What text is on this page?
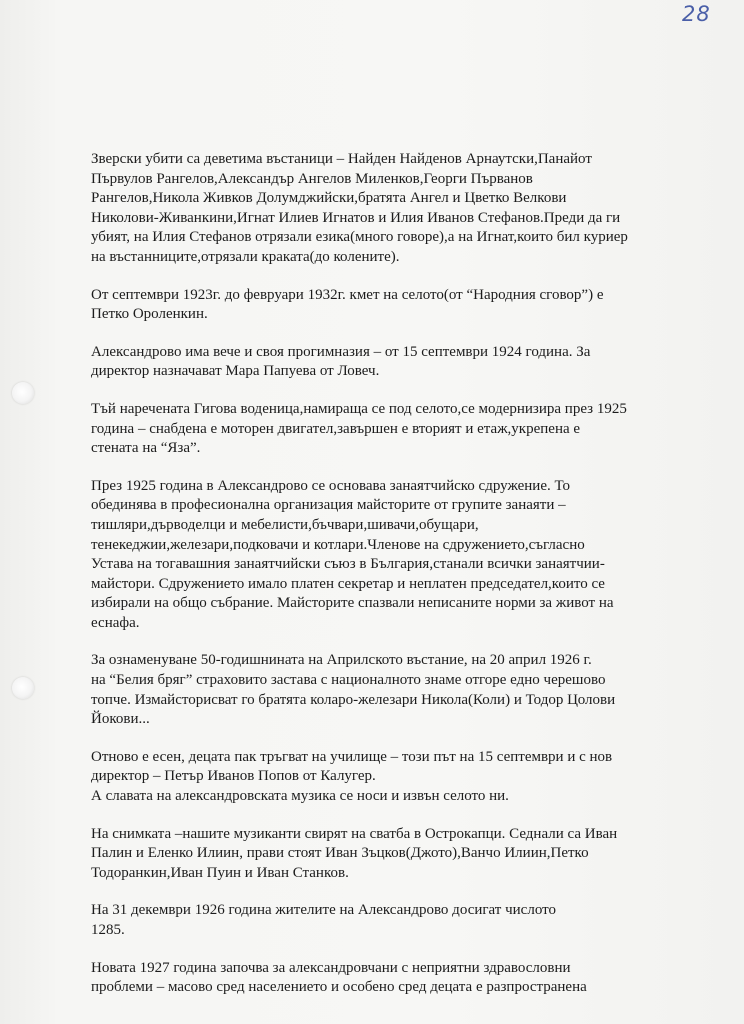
28

Зверски убити са деветима въстаници – Найден Найденов Арнаутски,Панайот
Първулов Рангелов,Александър Ангелов Миленков,Георги Първанов
Рангелов,Никола Живков Долумджийски,братята Ангел и Цветко Велкови
Николови-Живанкини,Игнат Илиев Игнатов и Илия Иванов Стефанов.Преди да ги
убият, на Илия Стефанов отрязали езика(много говоре),а на Игнат,които бил куриер
на въстанниците,отрязали краката(до колените).

От септември 1923г. до февруари 1932г. кмет на селото(от “Народния сговор”) е
Петко Ороленкин.

Александрово има вече и своя прогимназия – от 15 септември 1924 година. За
директор назначават Мара Папуева от Ловеч.

Тъй наречената Гигова воденица,намираща се под селото,се модернизира през 1925
година – снабдена е моторен двигател,завършен е вторият и етаж,укрепена е
стената на “Яза”.

През 1925 година в Александрово се основава занаятчийско сдружение. То
обединява в професионална организация майсторите от групите занаяти –
тишляри,дърводелци и мебелисти,бъчвари,шивачи,обущари,
тенекеджии,железари,подковачи и котлари.Членове на сдружението,съгласно
Устава на тогавашния занаятчийски съюз в България,станали всички занаятчии-
майстори. Сдружението имало платен секретар и неплатен председател,които се
избирали на общо събрание. Майсторите спазвали неписаните норми за живот на
еснафа.

За ознаменуване 50-годишнината на Априлското въстание, на 20 април 1926 г.
на “Белия бряг” страховито застава с националното знаме отгоре едно черешово
топче. Измайсторисват го братята коларо-железари Никола(Коли) и Тодор Цолови
Йокови...

Отново е есен, децата пак тръгват на училище – този път на 15 септември и с нов
директор – Петър Иванов Попов от Калугер.
А славата на александровската музика се носи и извън селото ни.

На снимката –нашите музиканти свирят на сватба в Острокапци. Седнали са Иван
Палин и Еленко Илиин, прави стоят Иван Зъцков(Джото),Ванчо Илиин,Петко
Тодоранкин,Иван Пуин и Иван Станков.

На 31 декември 1926 година жителите на Александрово досигат числото
1285.

Новата 1927 година започва за александровчани с неприятни здравословни
проблеми – масово сред населението и особено сред децата е разпространена
